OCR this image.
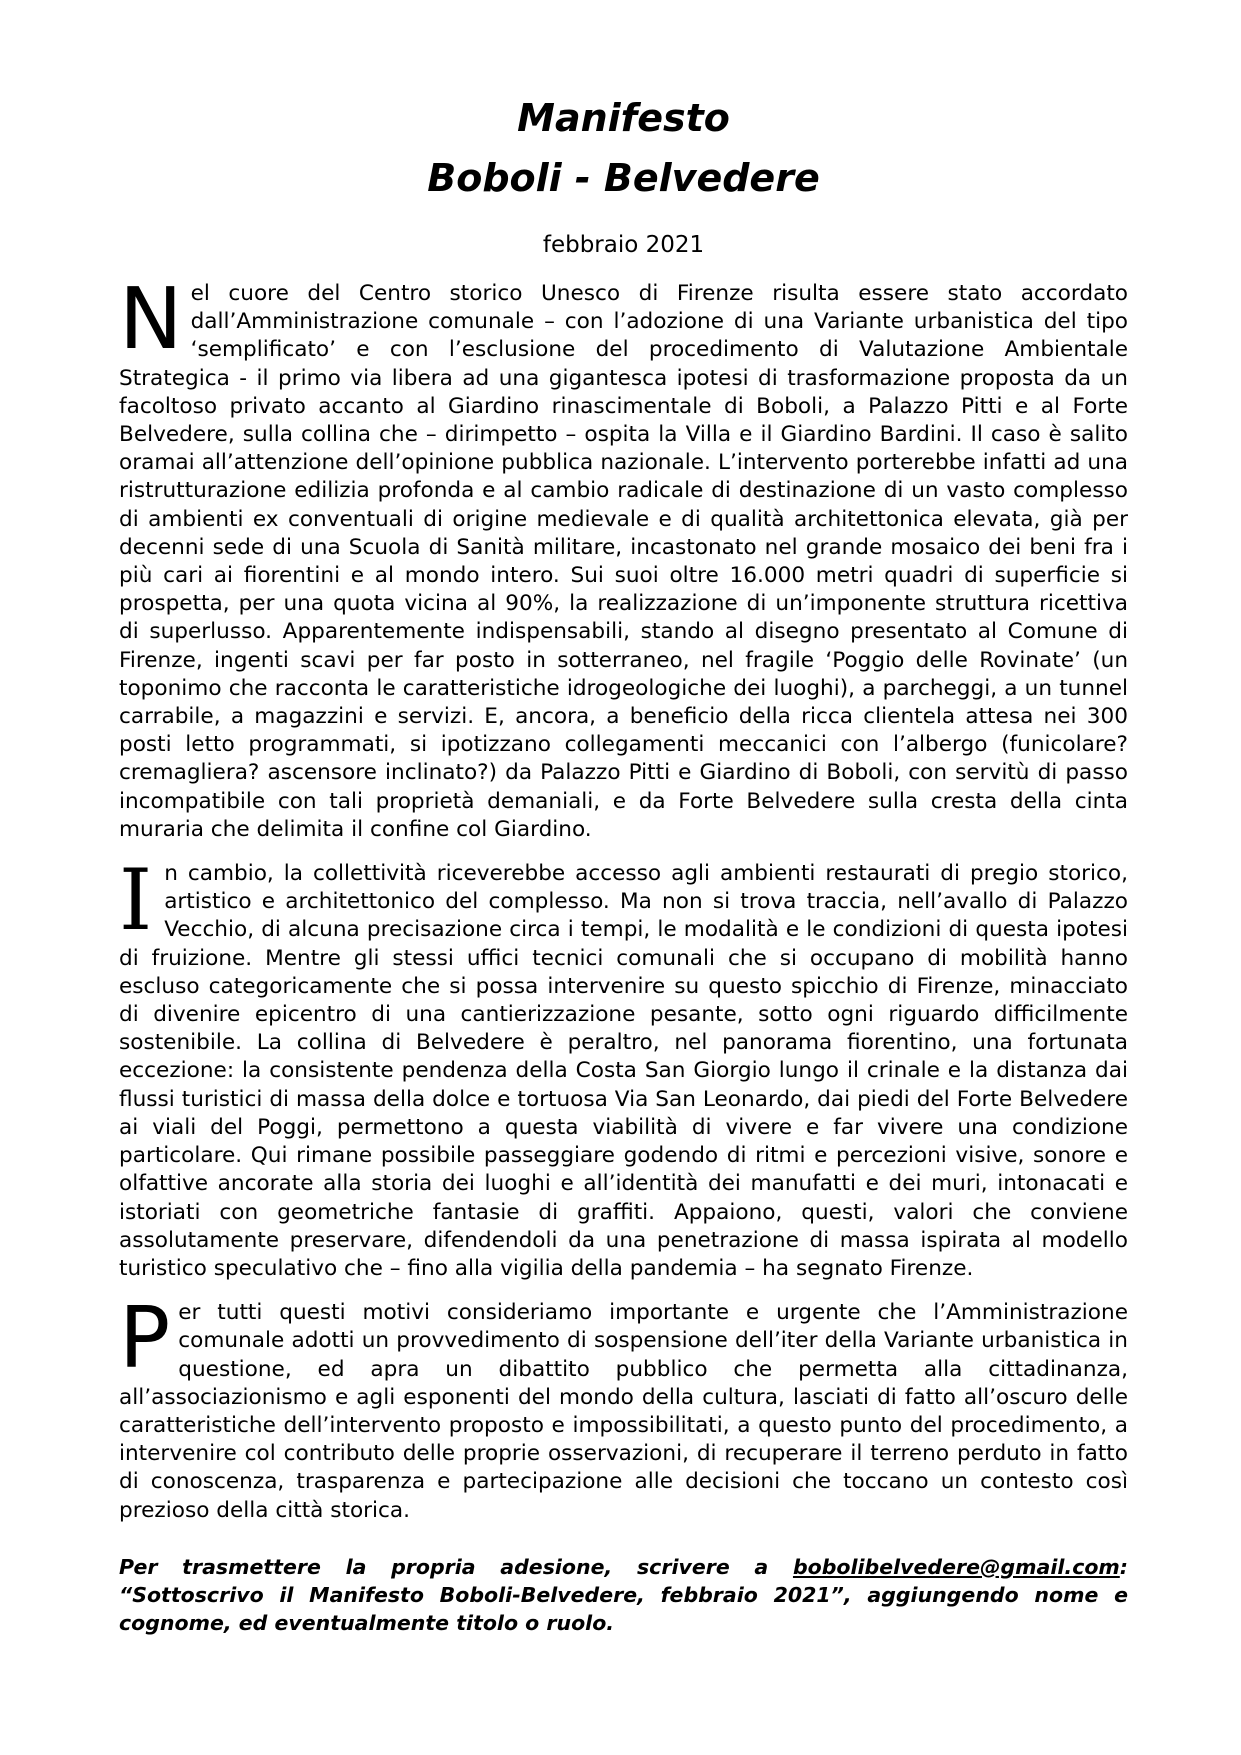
Manifesto
Boboli - Belvedere
febbraio 2021

Nel cuore del Centro storico Unesco di Firenze risulta essere stato accordato dall’Amministrazione comunale – con l’adozione di una Variante urbanistica del tipo ‘semplificato’ e con l’esclusione del procedimento di Valutazione Ambientale Strategica - il primo via libera ad una gigantesca ipotesi di trasformazione proposta da un facoltoso privato accanto al Giardino rinascimentale di Boboli, a Palazzo Pitti e al Forte Belvedere, sulla collina che – dirimpetto – ospita la Villa e il Giardino Bardini. Il caso è salito oramai all’attenzione dell’opinione pubblica nazionale. L’intervento porterebbe infatti ad una ristrutturazione edilizia profonda e al cambio radicale di destinazione di un vasto complesso di ambienti ex conventuali di origine medievale e di qualità architettonica elevata, già per decenni sede di una Scuola di Sanità militare, incastonato nel grande mosaico dei beni fra i più cari ai fiorentini e al mondo intero. Sui suoi oltre 16.000 metri quadri di superficie si prospetta, per una quota vicina al 90%, la realizzazione di un’imponente struttura ricettiva di superlusso. Apparentemente indispensabili, stando al disegno presentato al Comune di Firenze, ingenti scavi per far posto in sotterraneo, nel fragile ‘Poggio delle Rovinate’ (un toponimo che racconta le caratteristiche idrogeologiche dei luoghi), a parcheggi, a un tunnel carrabile, a magazzini e servizi. E, ancora, a beneficio della ricca clientela attesa nei 300 posti letto programmati, si ipotizzano collegamenti meccanici con l’albergo (funicolare? cremagliera? ascensore inclinato?) da Palazzo Pitti e Giardino di Boboli, con servitù di passo incompatibile con tali proprietà demaniali, e da Forte Belvedere sulla cresta della cinta muraria che delimita il confine col Giardino.

In cambio, la collettività riceverebbe accesso agli ambienti restaurati di pregio storico, artistico e architettonico del complesso. Ma non si trova traccia, nell’avallo di Palazzo Vecchio, di alcuna precisazione circa i tempi, le modalità e le condizioni di questa ipotesi di fruizione. Mentre gli stessi uffici tecnici comunali che si occupano di mobilità hanno escluso categoricamente che si possa intervenire su questo spicchio di Firenze, minacciato di divenire epicentro di una cantierizzazione pesante, sotto ogni riguardo difficilmente sostenibile. La collina di Belvedere è peraltro, nel panorama fiorentino, una fortunata eccezione: la consistente pendenza della Costa San Giorgio lungo il crinale e la distanza dai flussi turistici di massa della dolce e tortuosa Via San Leonardo, dai piedi del Forte Belvedere ai viali del Poggi, permettono a questa viabilità di vivere e far vivere una condizione particolare. Qui rimane possibile passeggiare godendo di ritmi e percezioni visive, sonore e olfattive ancorate alla storia dei luoghi e all’identità dei manufatti e dei muri, intonacati e istoriati con geometriche fantasie di graffiti. Appaiono, questi, valori che conviene assolutamente preservare, difendendoli da una penetrazione di massa ispirata al modello turistico speculativo che – fino alla vigilia della pandemia – ha segnato Firenze.

Per tutti questi motivi consideriamo importante e urgente che l’Amministrazione comunale adotti un provvedimento di sospensione dell’iter della Variante urbanistica in questione, ed apra un dibattito pubblico che permetta alla cittadinanza, all’associazionismo e agli esponenti del mondo della cultura, lasciati di fatto all’oscuro delle caratteristiche dell’intervento proposto e impossibilitati, a questo punto del procedimento, a intervenire col contributo delle proprie osservazioni, di recuperare il terreno perduto in fatto di conoscenza, trasparenza e partecipazione alle decisioni che toccano un contesto così prezioso della città storica.

Per trasmettere la propria adesione, scrivere a bobolibelvedere@gmail.com: “Sottoscrivo il Manifesto Boboli-Belvedere, febbraio 2021”, aggiungendo nome e cognome, ed eventualmente titolo o ruolo.
